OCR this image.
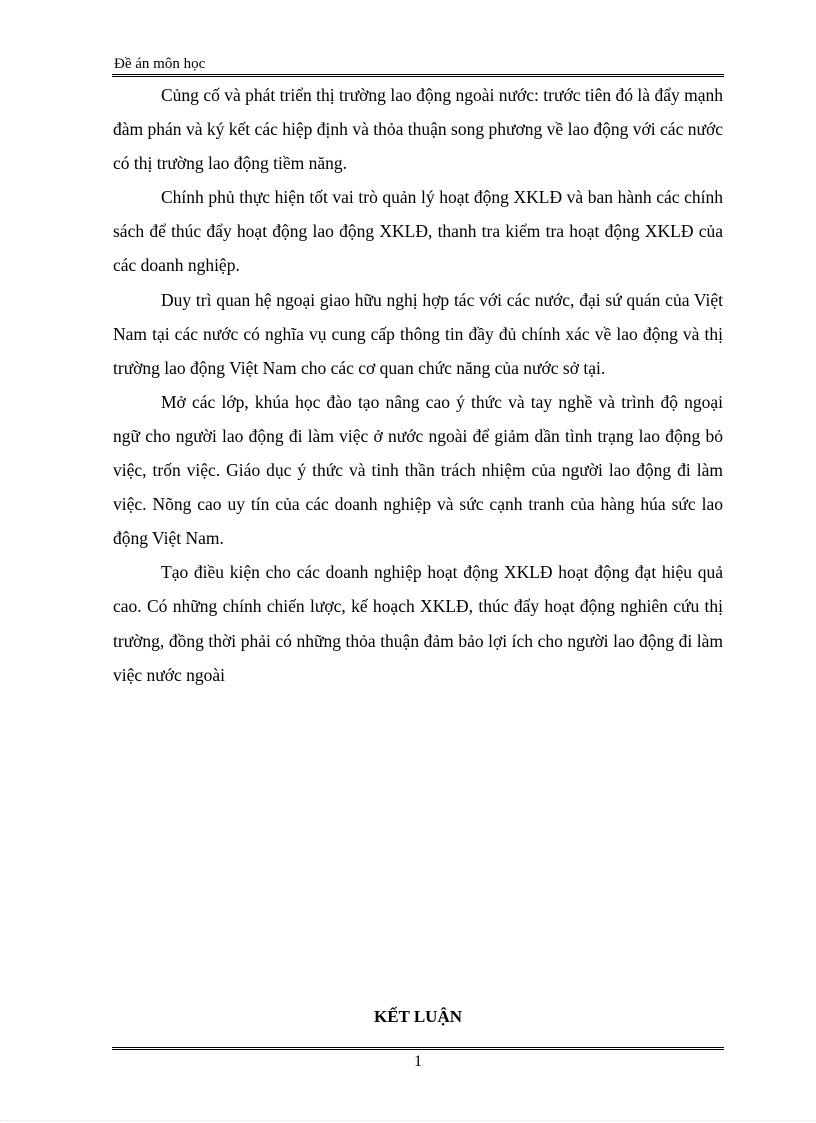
Đề án môn học

Củng cố và phát triển thị trường lao động ngoài nước: trước tiên đó là đẩy mạnh đàm phán và ký kết các hiệp định và thỏa thuận song phương về lao động với các nước có thị trường lao động tiềm năng.

Chính phủ thực hiện tốt vai trò quản lý hoạt động XKLĐ và ban hành các chính sách để thúc đẩy hoạt động lao động XKLĐ, thanh tra kiểm tra hoạt động XKLĐ của các doanh nghiệp.

Duy trì quan hệ ngoại giao hữu nghị hợp tác với các nước, đại sứ quán của Việt Nam tại các nước có nghĩa vụ cung cấp thông tin đầy đủ chính xác về lao động và thị trường lao động Việt Nam cho các cơ quan chức năng của nước sở tại.

Mở các lớp, khúa học đào tạo nâng cao ý thức và tay nghề và trình độ ngoại ngữ cho người lao động đi làm việc ở nước ngoài để giảm dần tình trạng lao động bỏ việc, trốn việc. Giáo dục ý thức và tinh thần trách nhiệm của người lao động đi làm việc. Nõng cao uy tín của các doanh nghiệp và sức cạnh tranh của hàng húa sức lao động Việt Nam.

Tạo điều kiện cho các doanh nghiệp hoạt động XKLĐ hoạt động đạt hiệu quả cao. Có những chính chiến lược, kế hoạch XKLĐ, thúc đẩy hoạt động nghiên cứu thị trường, đồng thời phải có những thỏa thuận đảm bảo lợi ích cho người lao động đi làm việc nước ngoài

KẾT LUẬN
1
